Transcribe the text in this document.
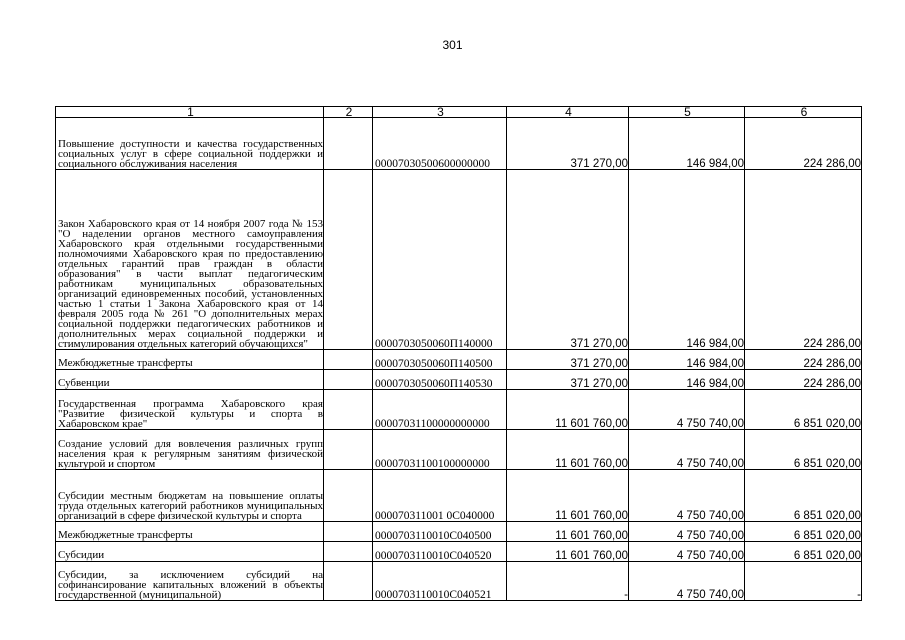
301
1	2	3	4	5	6
Повышение доступности и качества государственных социальных услуг в сфере социальной поддержки и социального обслуживания населения		00007030500600000000	371 270,00	146 984,00	224 286,00
Закон Хабаровского края от 14 ноября 2007 года № 153 "О наделении органов местного самоуправления Хабаровского края отдельными государственными полномочиями Хабаровского края по предоставлению отдельных гарантий прав граждан в области образования" в части выплат педагогическим работникам муниципальных образовательных организаций единовременных пособий, установленных частью 1 статьи 1 Закона Хабаровского края от 14 февраля 2005 года № 261 "О дополнительных мерах социальной поддержки педагогических работников и дополнительных мерах социальной поддержки и стимулирования отдельных категорий обучающихся"		0000703050060П140000	371 270,00	146 984,00	224 286,00
Межбюджетные трансферты		0000703050060П140500	371 270,00	146 984,00	224 286,00
Субвенции		0000703050060П140530	371 270,00	146 984,00	224 286,00
Государственная программа Хабаровского края "Развитие физической культуры и спорта в Хабаровском крае"		00007031100000000000	11 601 760,00	4 750 740,00	6 851 020,00
Создание условий для вовлечения различных групп населения края к регулярным занятиям физической культурой и спортом		00007031100100000000	11 601 760,00	4 750 740,00	6 851 020,00
Субсидии местным бюджетам на повышение оплаты труда отдельных категорий работников муниципальных организаций в сфере физической культуры и спорта		000070311001 0С040000	11 601 760,00	4 750 740,00	6 851 020,00
Межбюджетные трансферты		0000703110010С040500	11 601 760,00	4 750 740,00	6 851 020,00
Субсидии		0000703110010С040520	11 601 760,00	4 750 740,00	6 851 020,00
Субсидии, за исключением субсидий на софинансирование капитальных вложений в объекты государственной (муниципальной)		0000703110010С040521	-	4 750 740,00	-
